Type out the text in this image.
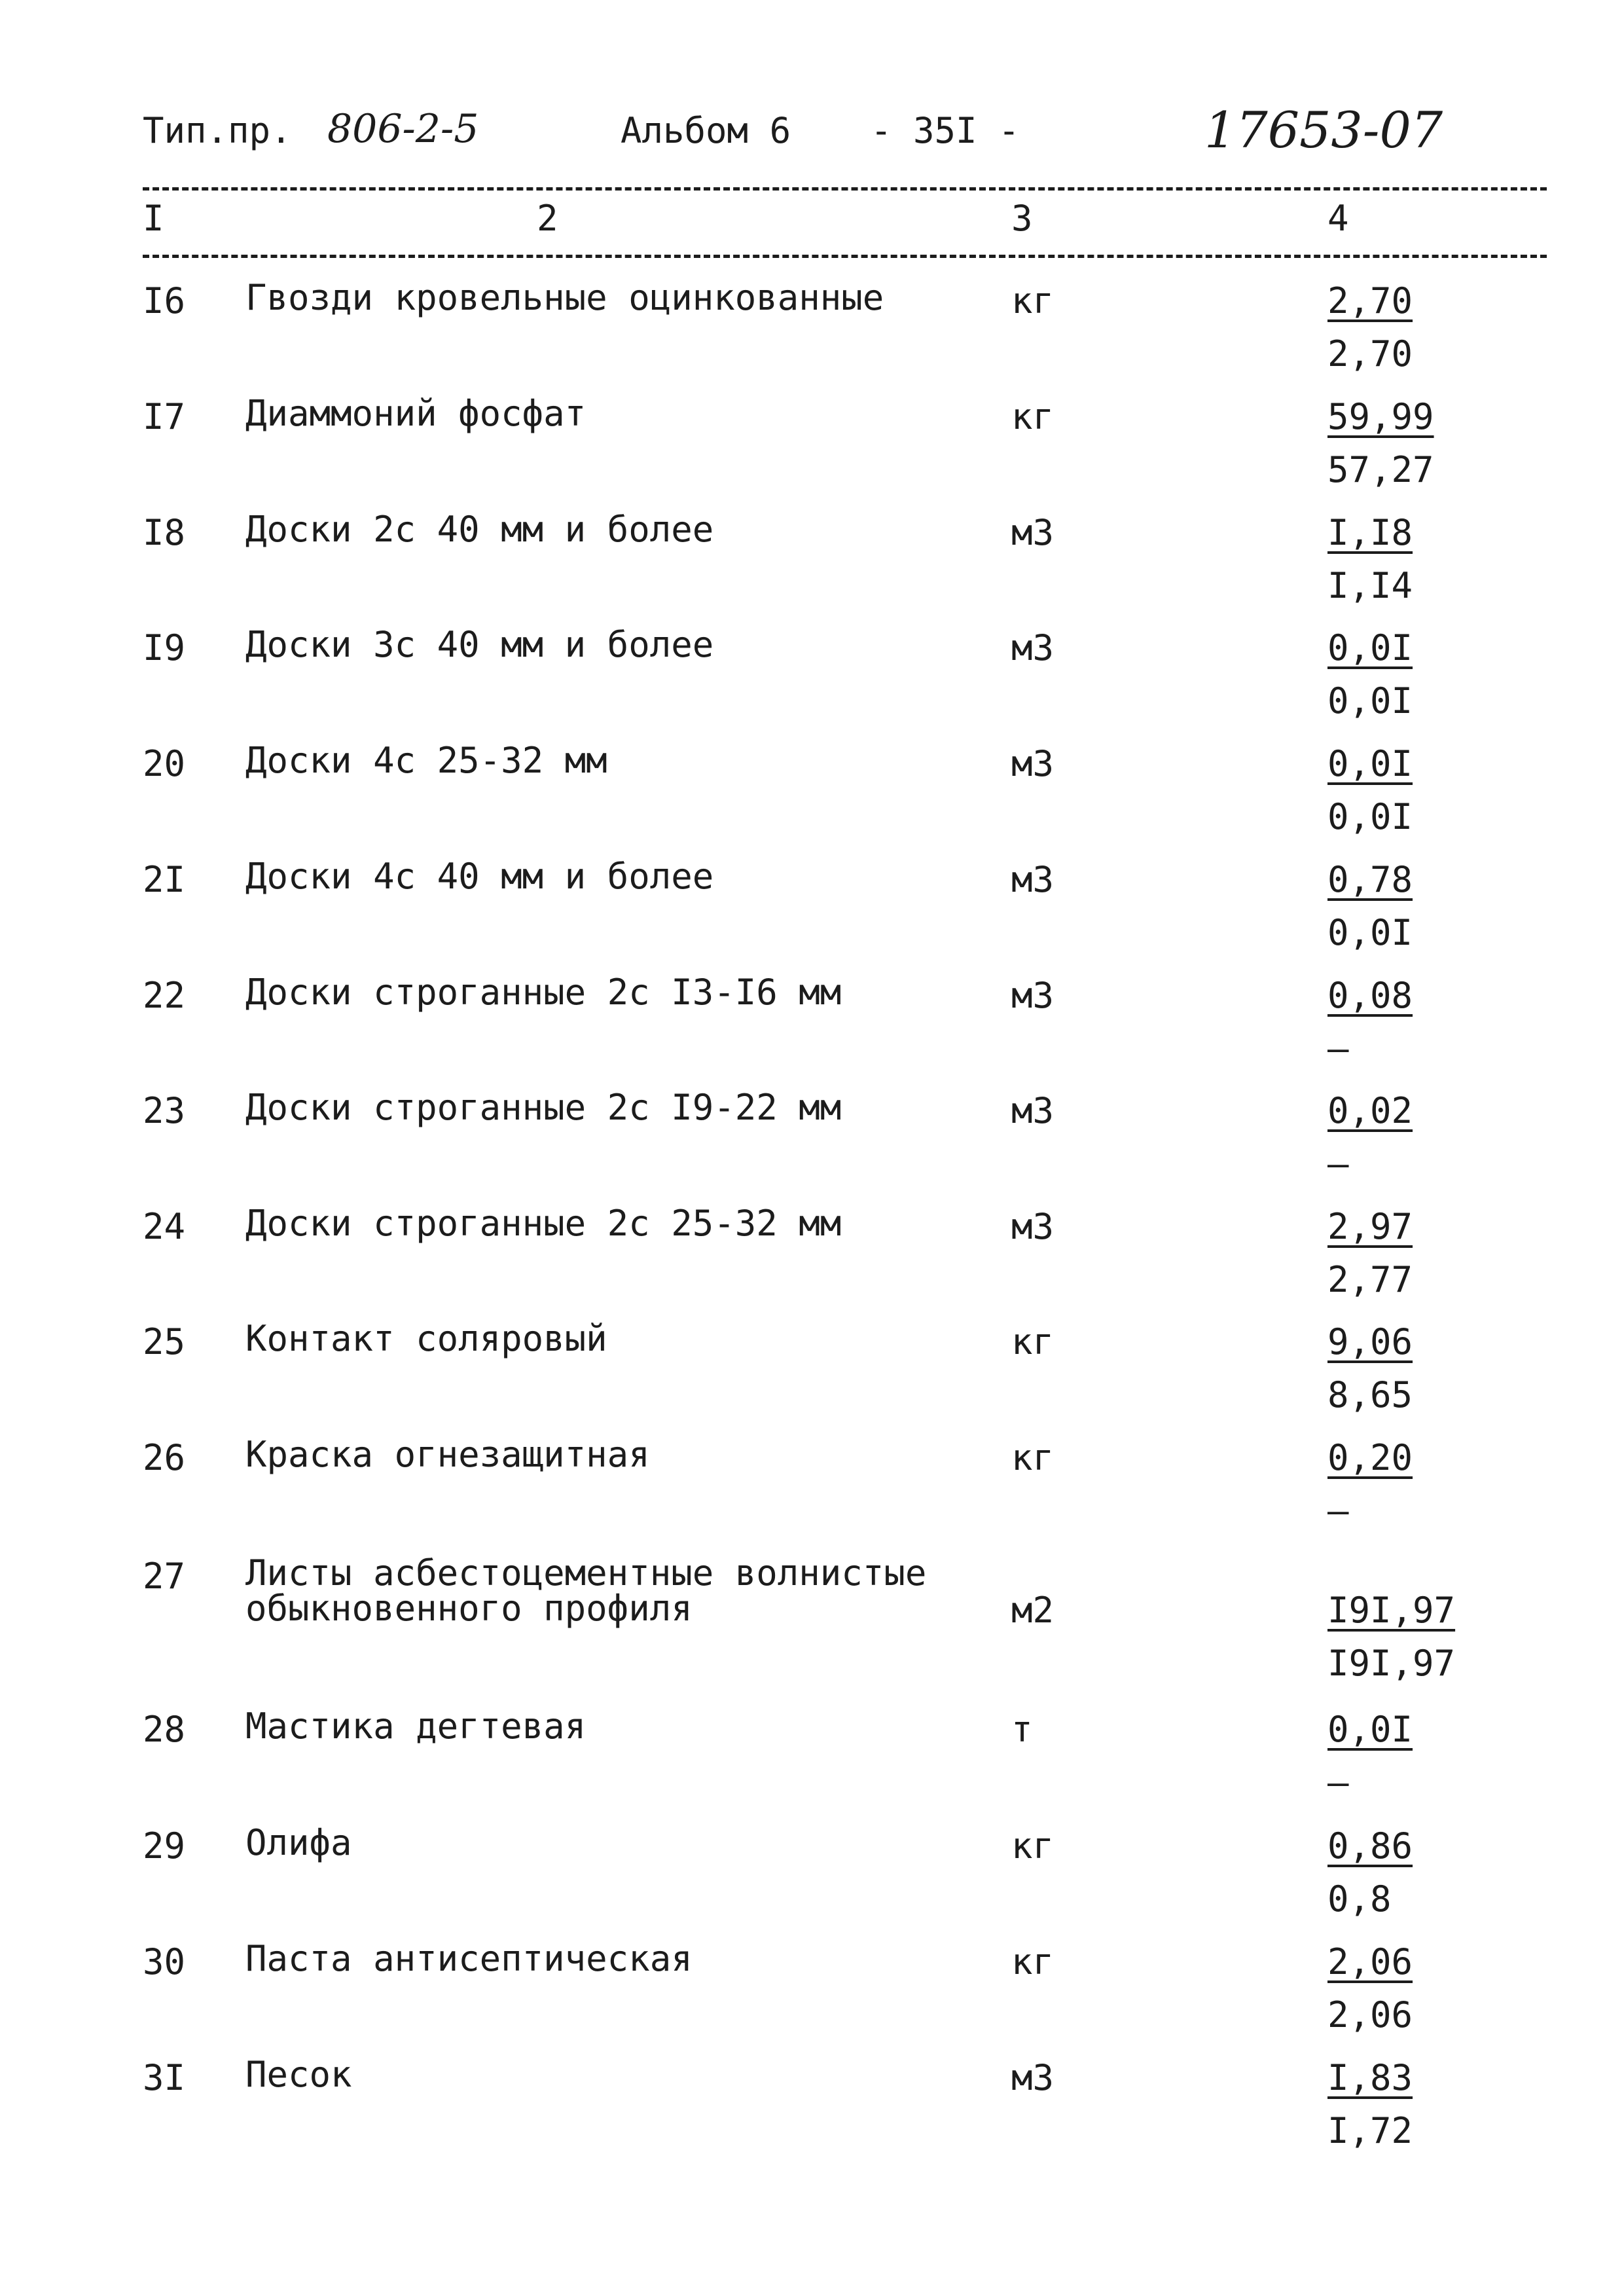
Тип.пр. 806-2-5	Альбом 6 - 35I -	17653-07
I	2	3	4
I6 Гвозди кровельные оцинкованные	кг	2,70
2,70
I7 Диаммоний фосфат	кг	59,99
57,27
I8 Доски 2с 40 мм и более	м3	I,I8
I,I4
I9 Доски 3с 40 мм и более	м3	0,0I
0,0I
20 Доски 4с 25-32 мм	м3	0,0I
0,0I
2I Доски 4с 40 мм и более	м3	0,78
0,0I
22 Доски строганные 2с I3-I6 мм	м3	0,08
–
23 Доски строганные 2с I9-22 мм	м3	0,02
–
24 Доски строганные 2с 25-32 мм	м3	2,97
2,77
25 Контакт соляровый	кг	9,06
8,65
26 Краска огнезащитная	кг	0,20
–
27 Листы асбестоцементные волнистые
обыкновенного профиля	м2	I9I,97
I9I,97
28 Мастика дегтевая	т	0,0I
–
29 Олифа	кг	0,86
0,8
30 Паста антисептическая	кг	2,06
2,06
3I Песок	м3	I,83
I,72
